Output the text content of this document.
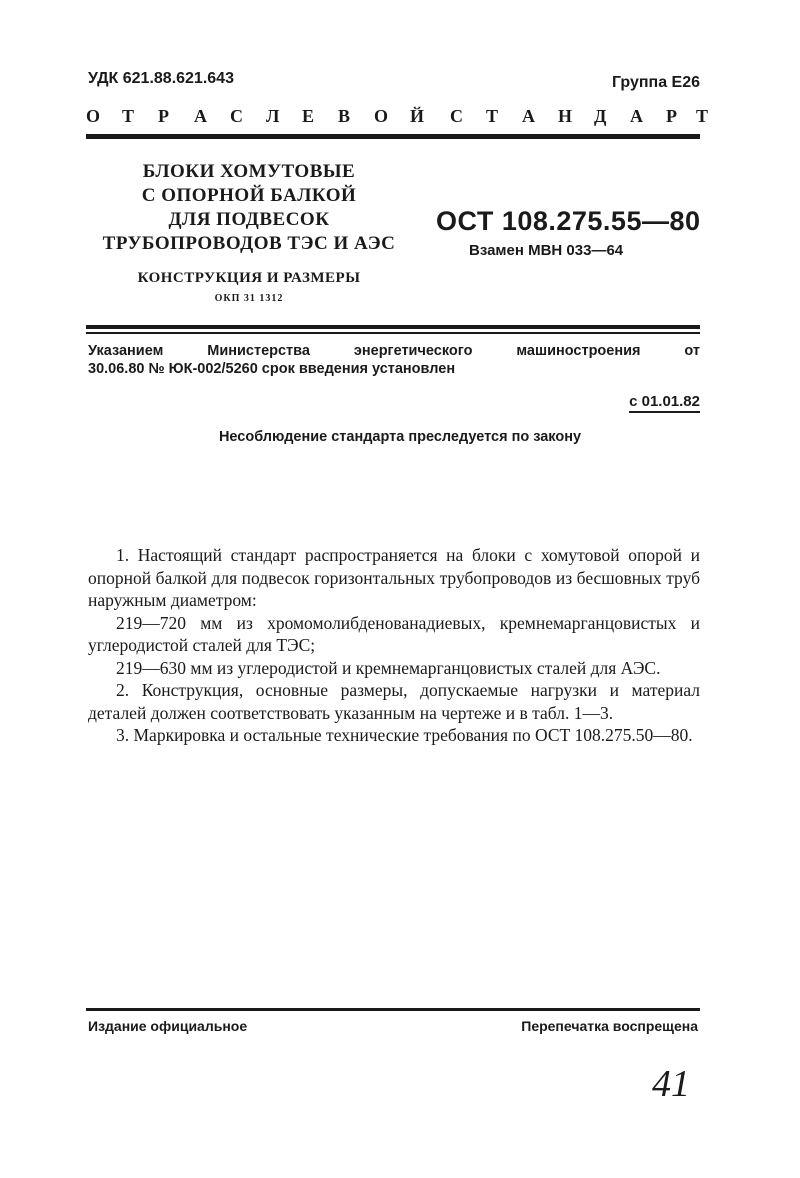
УДК 621.88.621.643	Группа Е26
О Т Р А С Л Е В О Й С Т А Н Д А Р Т
БЛОКИ ХОМУТОВЫЕ
С ОПОРНОЙ БАЛКОЙ
ДЛЯ ПОДВЕСОК
ТРУБОПРОВОДОВ ТЭС И АЭС
КОНСТРУКЦИЯ И РАЗМЕРЫ
ОКП 31 1312
ОСТ 108.275.55—80
Взамен МВН 033—64
Указанием Министерства энергетического машиностроения от
30.06.80 № ЮК-002/5260 срок введения установлен
с 01.01.82
Несоблюдение стандарта преследуется по закону

1. Настоящий стандарт распространяется на блоки с хомутовой опорой и опорной балкой для подвесок горизонтальных трубопроводов из бесшовных труб наружным диаметром:

219—720 мм из хромомолибденованадиевых, кремнемарганцовистых и углеродистой сталей для ТЭС;

219—630 мм из углеродистой и кремнемарганцовистых сталей для АЭС.

2. Конструкция, основные размеры, допускаемые нагрузки и материал деталей должен соответствовать указанным на чертеже и в табл. 1—3.

3. Маркировка и остальные технические требования по ОСТ 108.275.50—80.

Издание официальное	Перепечатка воспрещена
41
